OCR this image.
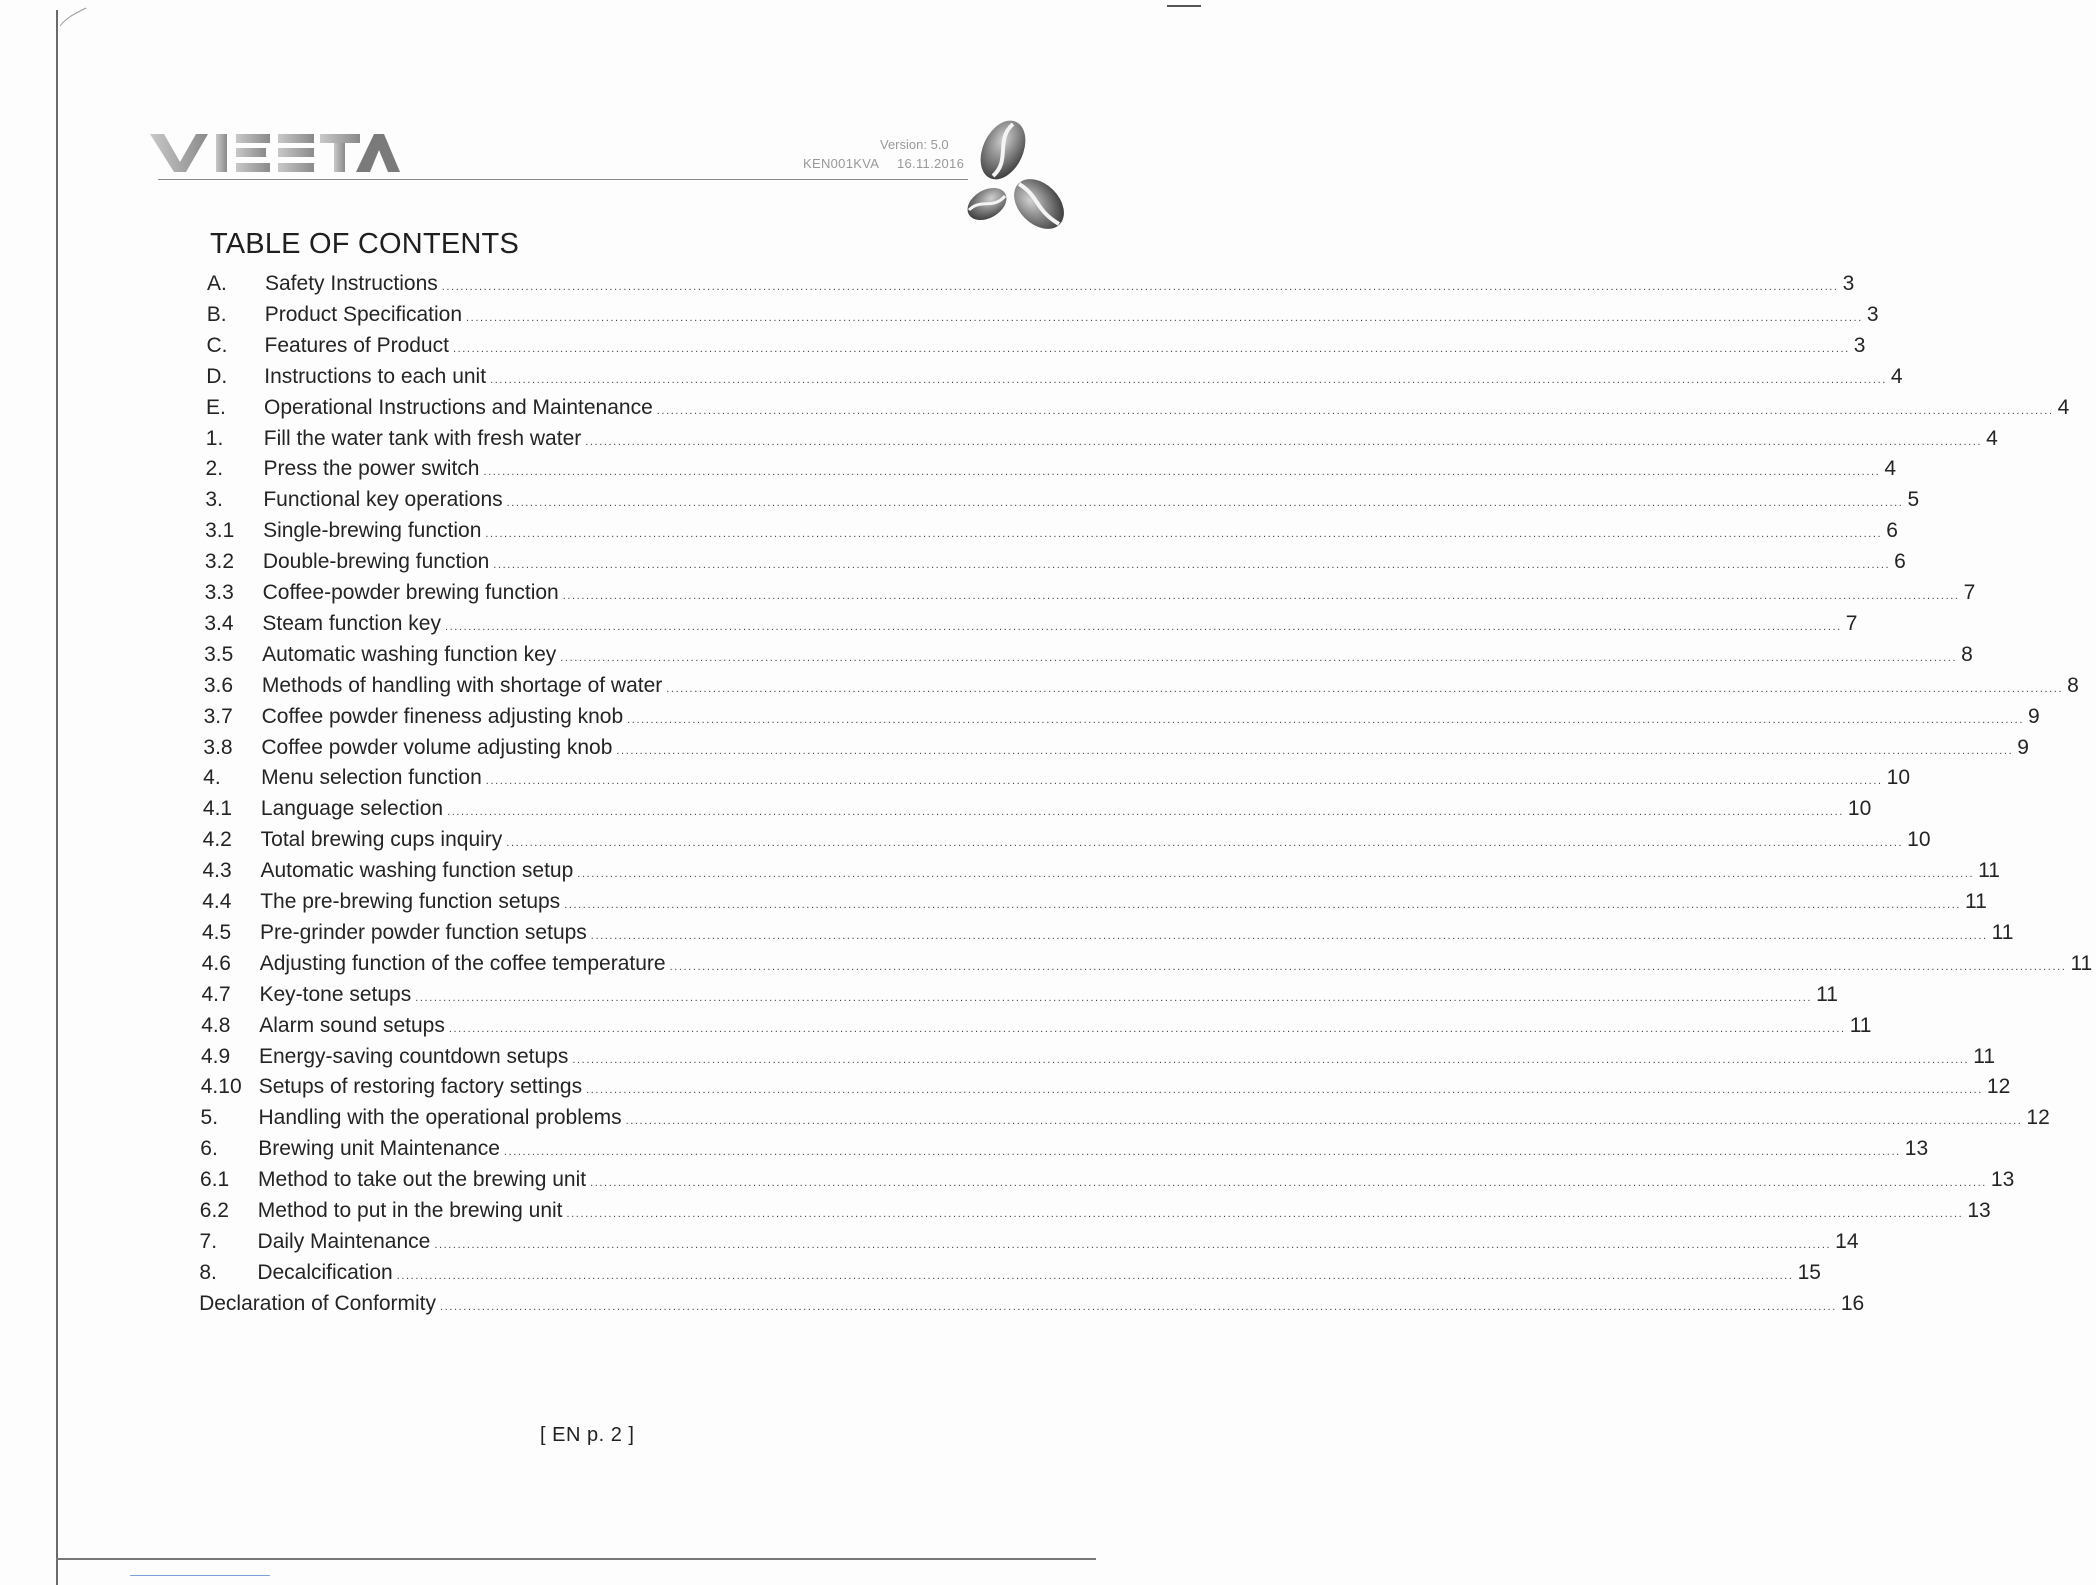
Version: 5.0
KEN001KVA 16.11.2016
TABLE OF CONTENTS
A.	Safety Instructions ............................................................................................................................................................................................................................................................................................................ 3
B.	Product Specification ............................................................................................................................................................................................................................................................................................................ 3
C.	Features of Product ............................................................................................................................................................................................................................................................................................................ 3
D.	Instructions to each unit ............................................................................................................................................................................................................................................................................................................ 4
E.	Operational Instructions and Maintenance ............................................................................................................................................................................................................................................................................................................ 4
1.	Fill the water tank with fresh water ............................................................................................................................................................................................................................................................................................................ 4
2.	Press the power switch ............................................................................................................................................................................................................................................................................................................ 4
3.	Functional key operations ............................................................................................................................................................................................................................................................................................................ 5
3.1	Single-brewing function ............................................................................................................................................................................................................................................................................................................ 6
3.2	Double-brewing function ............................................................................................................................................................................................................................................................................................................ 6
3.3	Coffee-powder brewing function ............................................................................................................................................................................................................................................................................................................ 7
3.4	Steam function key ............................................................................................................................................................................................................................................................................................................ 7
3.5	Automatic washing function key ............................................................................................................................................................................................................................................................................................................ 8
3.6	Methods of handling with shortage of water ............................................................................................................................................................................................................................................................................................................ 8
3.7	Coffee powder fineness adjusting knob ............................................................................................................................................................................................................................................................................................................ 9
3.8	Coffee powder volume adjusting knob ............................................................................................................................................................................................................................................................................................................ 9
4.	Menu selection function ............................................................................................................................................................................................................................................................................................................ 10
4.1	Language selection ............................................................................................................................................................................................................................................................................................................ 10
4.2	Total brewing cups inquiry ............................................................................................................................................................................................................................................................................................................ 10
4.3	Automatic washing function setup ............................................................................................................................................................................................................................................................................................................ 11
4.4	The pre-brewing function setups ............................................................................................................................................................................................................................................................................................................ 11
4.5	Pre-grinder powder function setups ............................................................................................................................................................................................................................................................................................................ 11
4.6	Adjusting function of the coffee temperature ............................................................................................................................................................................................................................................................................................................ 11
4.7	Key-tone setups ............................................................................................................................................................................................................................................................................................................ 11
4.8	Alarm sound setups ............................................................................................................................................................................................................................................................................................................ 11
4.9	Energy-saving countdown setups ............................................................................................................................................................................................................................................................................................................ 11
4.10 Setups of restoring factory settings ............................................................................................................................................................................................................................................................................................................ 12
5.	Handling with the operational problems ............................................................................................................................................................................................................................................................................................................ 12
6.	Brewing unit Maintenance ............................................................................................................................................................................................................................................................................................................ 13
6.1	Method to take out the brewing unit ............................................................................................................................................................................................................................................................................................................ 13
6.2	Method to put in the brewing unit ............................................................................................................................................................................................................................................................................................................ 13
7.	Daily Maintenance ............................................................................................................................................................................................................................................................................................................ 14
8.	Decalcification ............................................................................................................................................................................................................................................................................................................ 15
Declaration of Conformity ............................................................................................................................................................................................................................................................................................................ 16
[ EN p. 2 ]
